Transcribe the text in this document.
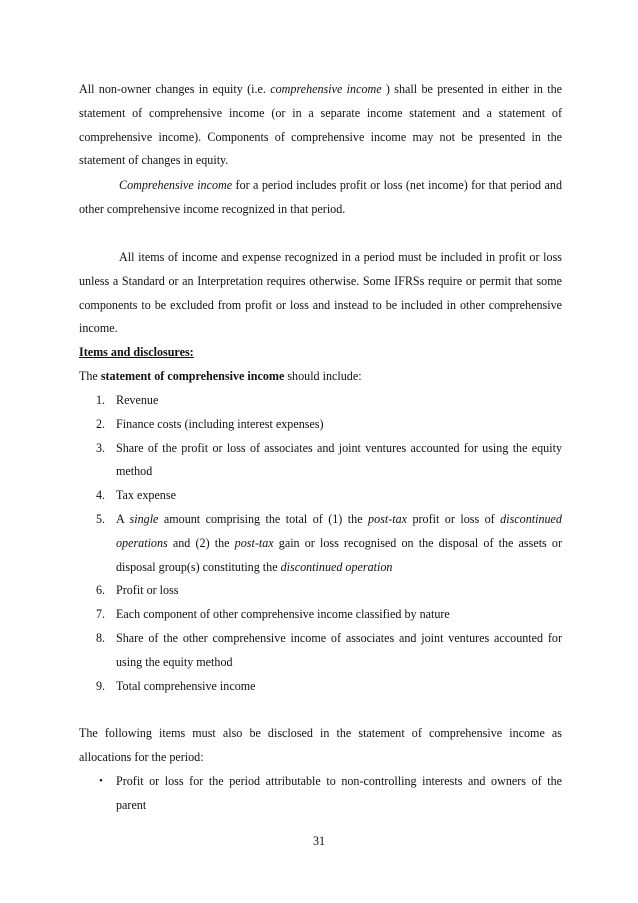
All non-owner changes in equity (i.e. comprehensive income ) shall be presented in either in the statement of comprehensive income (or in a separate income statement and a statement of comprehensive income). Components of comprehensive income may not be presented in the statement of changes in equity.

Comprehensive income for a period includes profit or loss (net income) for that period and other comprehensive income recognized in that period.

All items of income and expense recognized in a period must be included in profit or loss unless a Standard or an Interpretation requires otherwise. Some IFRSs require or permit that some components to be excluded from profit or loss and instead to be included in other comprehensive income.

Items and disclosures:

The statement of comprehensive income should include:

1. Revenue
2. Finance costs (including interest expenses)
3. Share of the profit or loss of associates and joint ventures accounted for using the equity method
4. Tax expense
5. A single amount comprising the total of (1) the post-tax profit or loss of discontinued operations and (2) the post-tax gain or loss recognised on the disposal of the assets or disposal group(s) constituting the discontinued operation
6. Profit or loss
7. Each component of other comprehensive income classified by nature
8. Share of the other comprehensive income of associates and joint ventures accounted for using the equity method
9. Total comprehensive income

The following items must also be disclosed in the statement of comprehensive income as allocations for the period:

• Profit or loss for the period attributable to non-controlling interests and owners of the parent
31
